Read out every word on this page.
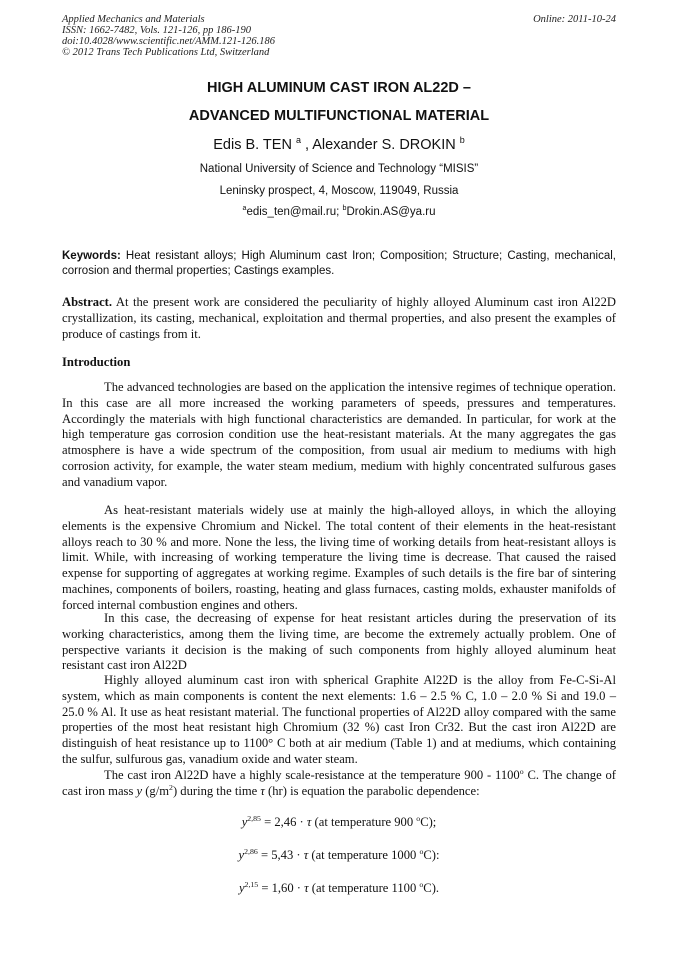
Applied Mechanics and Materials
ISSN: 1662-7482, Vols. 121-126, pp 186-190
doi:10.4028/www.scientific.net/AMM.121-126.186
© 2012 Trans Tech Publications Ltd, Switzerland
Online: 2011-10-24
HIGH ALUMINUM CAST IRON AL22D –
ADVANCED MULTIFUNCTIONAL MATERIAL
Edis B. TEN $^a$ , Alexander S. DROKIN $^b$
National University of Science and Technology “MISIS”
Leninsky prospect, 4, Moscow, 119049, Russia
$^a$edis_ten@mail.ru; $^b$Drokin.AS@ya.ru
Keywords: Heat resistant alloys; High Aluminum cast Iron; Composition; Structure; Casting, mechanical, corrosion and thermal properties; Castings examples.
Abstract. At the present work are considered the peculiarity of highly alloyed Aluminum cast iron Al22D crystallization, its casting, mechanical, exploitation and thermal properties, and also present the examples of produce of castings from it.
Introduction
The advanced technologies are based on the application the intensive regimes of technique operation. In this case are all more increased the working parameters of speeds, pressures and temperatures. Accordingly the materials with high functional characteristics are demanded. In particular, for work at the high temperature gas corrosion condition use the heat-resistant materials. At the many aggregates the gas atmosphere is have a wide spectrum of the composition, from usual air medium to mediums with high corrosion activity, for example, the water steam medium, medium with highly concentrated sulfurous gases and vanadium vapor.
As heat-resistant materials widely use at mainly the high-alloyed alloys, in which the alloying elements is the expensive Chromium and Nickel. The total content of their elements in the heat-resistant alloys reach to 30 % and more. None the less, the living time of working details from heat-resistant alloys is limit. While, with increasing of working temperature the living time is decrease. That caused the raised expense for supporting of aggregates at working regime. Examples of such details is the fire bar of sintering machines, components of boilers, roasting, heating and glass furnaces, casting molds, exhauster manifolds of forced internal combustion engines and others.
In this case, the decreasing of expense for heat resistant articles during the preservation of its working characteristics, among them the living time, are become the extremely actually problem. One of perspective variants it decision is the making of such components from highly alloyed aluminum heat resistant cast iron Al22D
Highly alloyed aluminum cast iron with spherical Graphite Al22D is the alloy from Fe-C-Si-Al system, which as main components is content the next elements: 1.6 – 2.5 % C, 1.0 – 2.0 % Si and 19.0 – 25.0 % Al. It use as heat resistant material. The functional properties of Al22D alloy compared with the same properties of the most heat resistant high Chromium (32 %) cast Iron Cr32. But the cast iron Al22D are distinguish of heat resistance up to 1100° C both at air medium (Table 1) and at mediums, which containing the sulfur, sulfurous gas, vanadium oxide and water steam.
The cast iron Al22D have a highly scale-resistance at the temperature 900 - 1100$^o$ C. The change of cast iron mass y $(g/m^2)$ during the time τ (hr) is equation the parabolic dependence:
$y^{2,85} = 2,46 \cdot \tau$ (at temperature 900 $^o$C);
$y^{2,86} = 5,43 \cdot \tau$ (at temperature 1000 $^o$C):
$y^{2,15} = 1,60 \cdot \tau$ (at temperature 1100 $^o$C).
